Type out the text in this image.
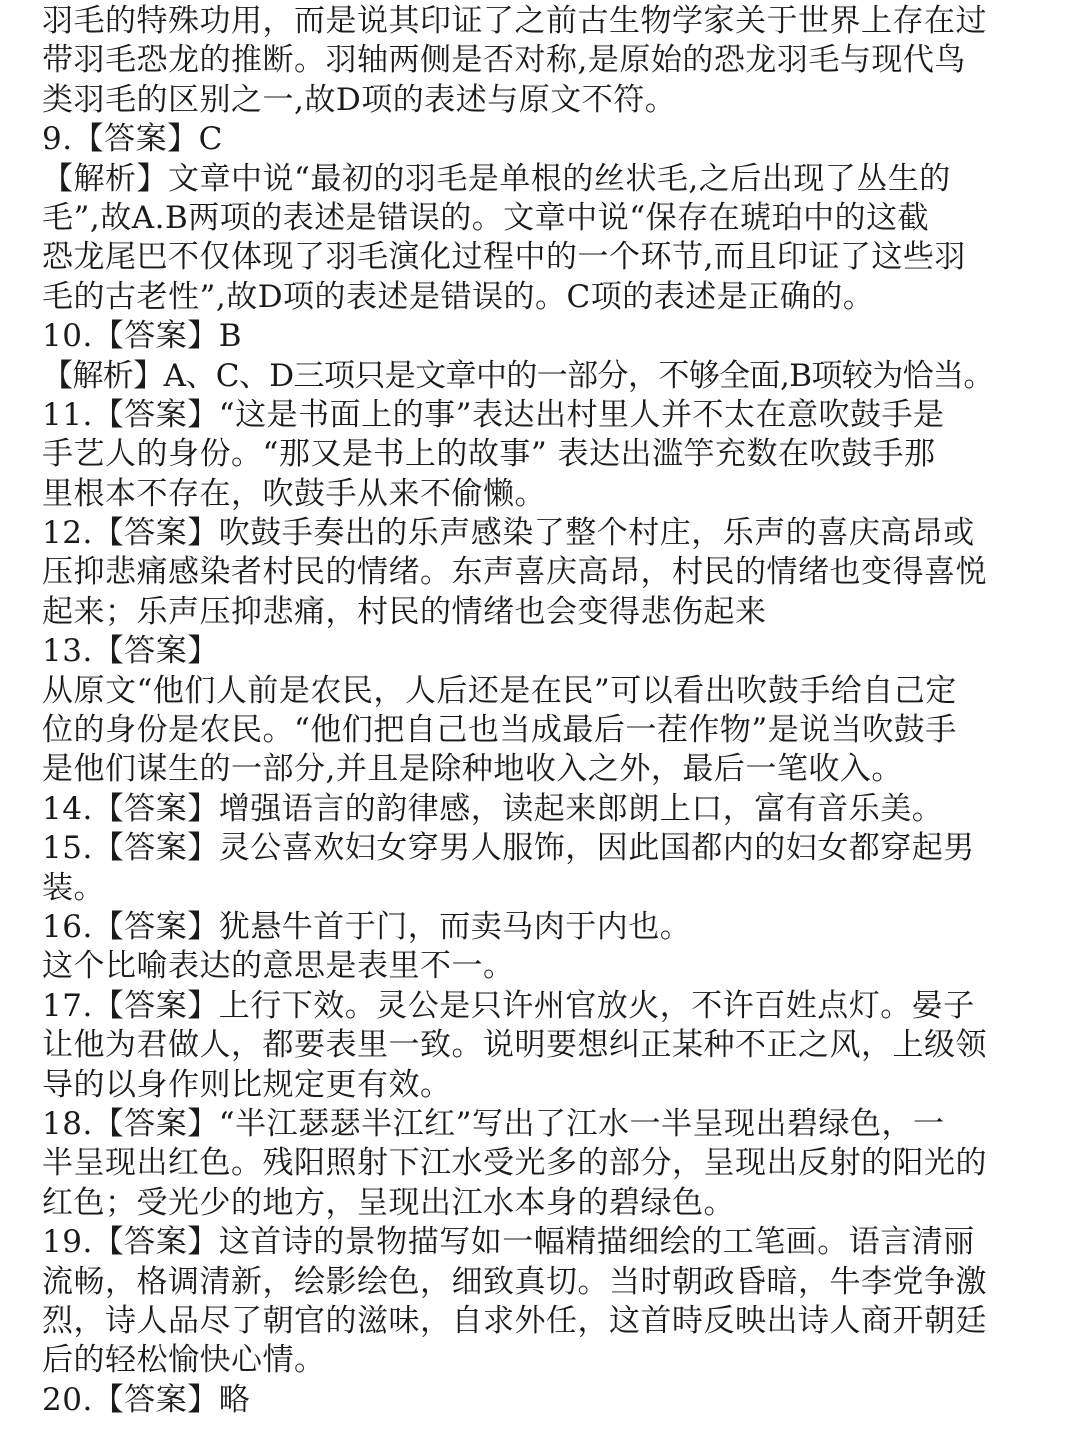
羽毛的特殊功用，而是说其印证了之前古生物学家关于世界上存在过
带羽毛恐龙的推断。羽轴两侧是否对称,是原始的恐龙羽毛与现代鸟
类羽毛的区别之一,故D项的表述与原文不符。
9.【答案】C
【解析】文章中说“最初的羽毛是单根的丝状毛,之后出现了丛生的
毛”,故A.B两项的表述是错误的。文章中说“保存在琥珀中的这截
恐龙尾巴不仅体现了羽毛演化过程中的一个环节,而且印证了这些羽
毛的古老性”,故D项的表述是错误的。C项的表述是正确的。
10.【答案】B
【解析】A、C、D三项只是文章中的一部分，不够全面,B项较为恰当。
11.【答案】“这是书面上的事”表达出村里人并不太在意吹鼓手是
手艺人的身份。“那又是书上的故事” 表达出滥竽充数在吹鼓手那
里根本不存在，吹鼓手从来不偷懒。
12.【答案】吹鼓手奏出的乐声感染了整个村庄，乐声的喜庆高昂或
压抑悲痛感染者村民的情绪。东声喜庆高昂，村民的情绪也变得喜悦
起来；乐声压抑悲痛，村民的情绪也会变得悲伤起来
13.【答案】
从原文“他们人前是农民，人后还是在民”可以看出吹鼓手给自己定
位的身份是农民。“他们把自己也当成最后一茬作物”是说当吹鼓手
是他们谋生的一部分,并且是除种地收入之外，最后一笔收入。
14.【答案】增强语言的韵律感，读起来郎朗上口，富有音乐美。
15.【答案】灵公喜欢妇女穿男人服饰，因此国都内的妇女都穿起男
装。
16.【答案】犹悬牛首于门，而卖马肉于内也。
这个比喻表达的意思是表里不一。
17.【答案】上行下效。灵公是只许州官放火，不许百姓点灯。晏子
让他为君做人，都要表里一致。说明要想纠正某种不正之风，上级领
导的以身作则比规定更有效。
18.【答案】“半江瑟瑟半江红”写出了江水一半呈现出碧绿色，一
半呈现出红色。残阳照射下江水受光多的部分，呈现出反射的阳光的
红色；受光少的地方，呈现出江水本身的碧绿色。
19.【答案】这首诗的景物描写如一幅精描细绘的工笔画。语言清丽
流畅，格调清新，绘影绘色，细致真切。当时朝政昏暗，牛李党争激
烈，诗人品尽了朝官的滋味，自求外任，这首時反映出诗人商开朝廷
后的轻松愉快心情。
20.【答案】略
